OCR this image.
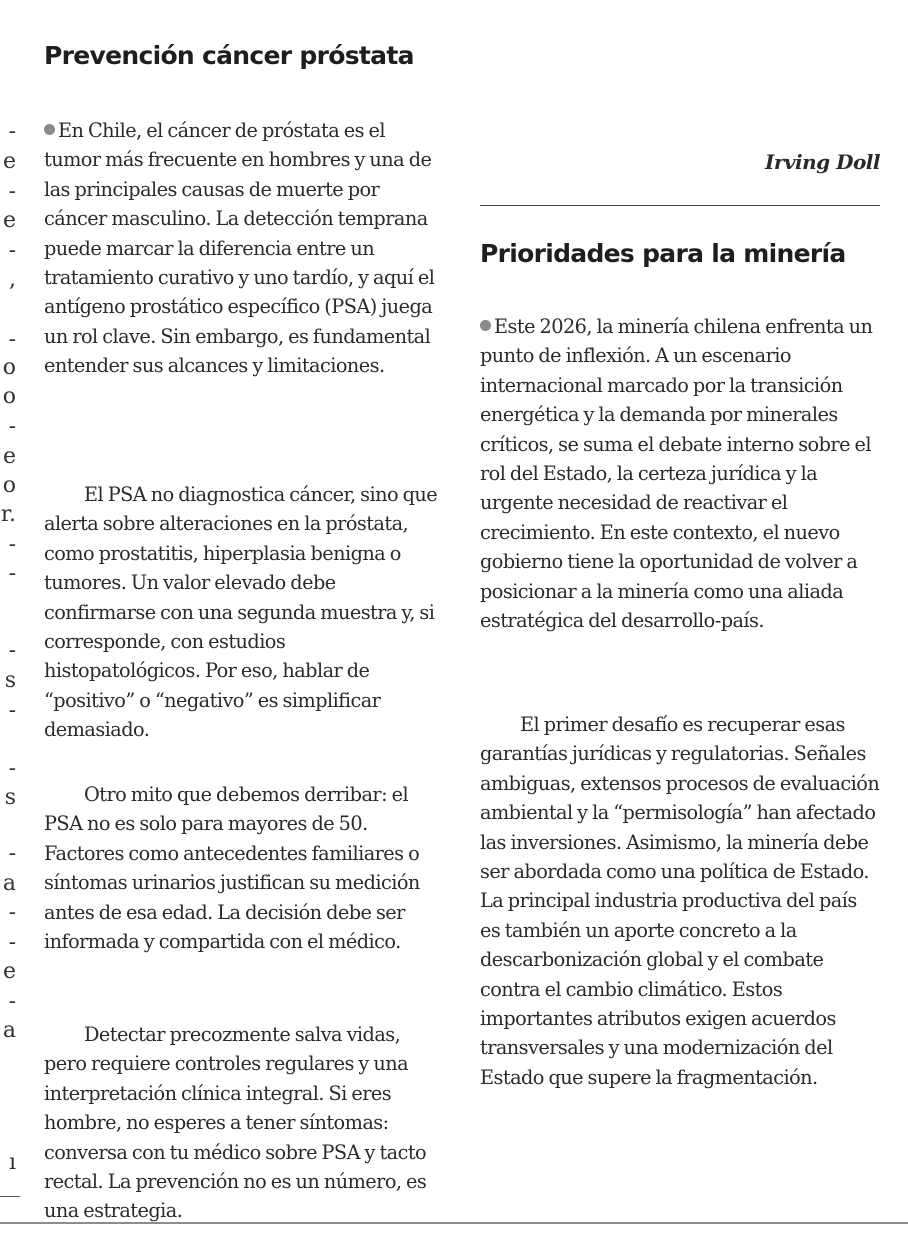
-
e
-
e
-
,
-
o
o
-
e
o
r.
-
-
-
s
-
-
s
-
a
-
-
e
-
a
ı
Prevención cáncer próstata

En Chile, el cáncer de próstata es el tumor más frecuente en hombres y una de las principales causas de muerte por cáncer masculino. La detección temprana puede marcar la diferencia entre un tratamiento curativo y uno tardío, y aquí el antígeno prostático específico (PSA) juega un rol clave. Sin embargo, es fundamental entender sus alcances y limitaciones.

El PSA no diagnostica cáncer, sino que alerta sobre alteraciones en la próstata, como prostatitis, hiperplasia benigna o tumores. Un valor elevado debe confirmarse con una segunda muestra y, si corresponde, con estudios histopatológicos. Por eso, hablar de “positivo” o “negativo” es simplificar demasiado.

Otro mito que debemos derribar: el PSA no es solo para mayores de 50. Factores como antecedentes familiares o síntomas urinarios justifican su medición antes de esa edad. La decisión debe ser informada y compartida con el médico.

Detectar precozmente salva vidas, pero requiere controles regulares y una interpretación clínica integral. Si eres hombre, no esperes a tener síntomas: conversa con tu médico sobre PSA y tacto rectal. La prevención no es un número, es una estrategia.

Irving Doll

Prioridades para la minería

Este 2026, la minería chilena enfrenta un punto de inflexión. A un escenario internacional marcado por la transición energética y la demanda por minerales críticos, se suma el debate interno sobre el rol del Estado, la certeza jurídica y la urgente necesidad de reactivar el crecimiento. En este contexto, el nuevo gobierno tiene la oportunidad de volver a posicionar a la minería como una aliada estratégica del desarrollo-país.

El primer desafío es recuperar esas garantías jurídicas y regulatorias. Señales ambiguas, extensos procesos de evaluación ambiental y la “permisología” han afectado las inversiones. Asimismo, la minería debe ser abordada como una política de Estado. La principal industria productiva del país es también un aporte concreto a la descarbonización global y el combate contra el cambio climático. Estos importantes atributos exigen acuerdos transversales y una modernización del Estado que supere la fragmentación.
